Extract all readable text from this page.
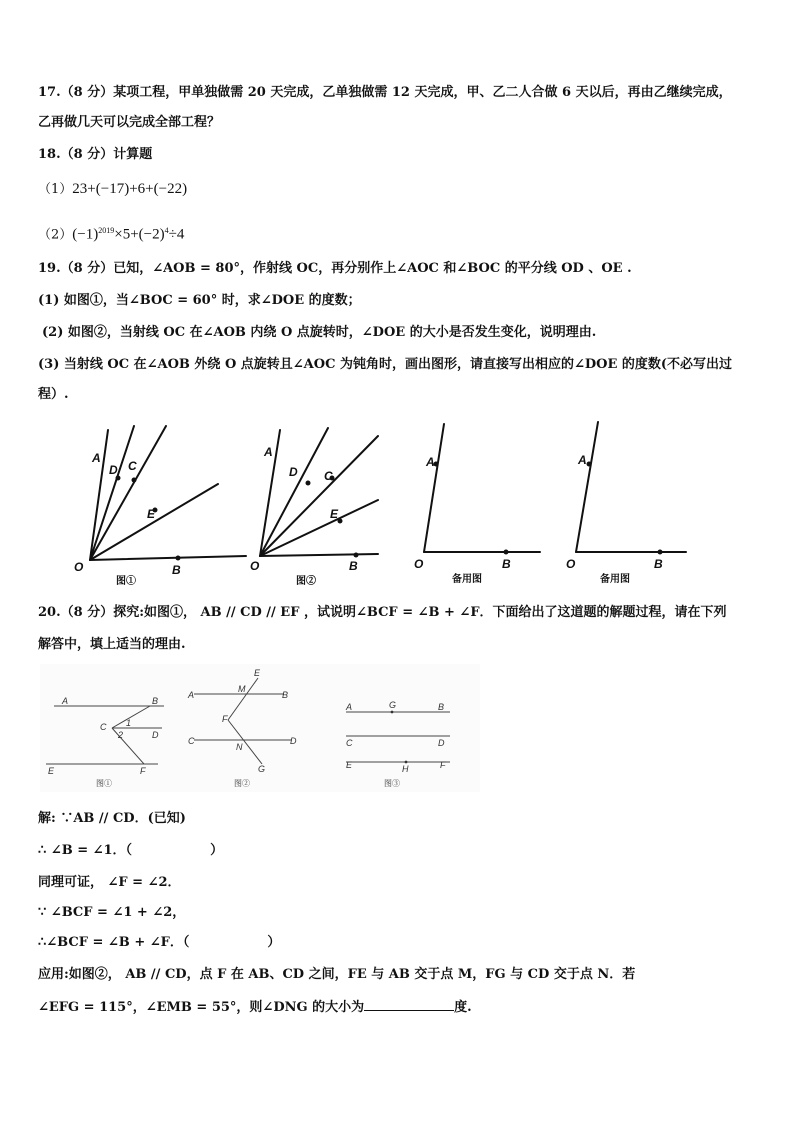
17.（8 分）某项工程，甲单独做需 20 天完成，乙单独做需 12 天完成，甲、乙二人合做 6 天以后，再由乙继续完成，
乙再做几天可以完成全部工程？
18.（8 分）计算题
（1）23+(−17)+6+(−22)
$(2)(-1)^{2019}\times 5+(-2)^4\div 4$
19.（8 分）已知，∠AOB = 80°，作射线 OC，再分别作上∠AOC 和∠BOC 的平分线 OD 、OE .
(1) 如图①，当∠BOC = 60° 时，求∠DOE 的度数；
(2) 如图②，当射线 OC 在∠AOB 内绕 O 点旋转时，∠DOE 的大小是否发生变化，说明理由.
(3) 当射线 OC 在∠AOB 外绕 O 点旋转且∠AOC 为钝角时，画出图形，请直接写出相应的∠DOE 的度数(不必写出过
程）.
A
D C
E
O	B
图①
A
D C
E
O	B
图②
A
O	B
备用图
A
O	B
备用图
20.（8 分）探究:如图①， AB // CD // EF ，试说明∠BCF = ∠B + ∠F．下面给出了这道题的解题过程，请在下列
解答中，填上适当的理由.
A	B
C 1
2	D
E	F
图①
E
A
M
B
F
C
N
D
G
图②
A	G	B
C	D
E	H	F
图③
解: ∵AB // CD．(已知)
∴ ∠B = ∠1．（	）
同理可证， ∠F = ∠2．
∵ ∠BCF = ∠1 + ∠2，
∴∠BCF = ∠B + ∠F．（	）
应用:如图②， AB // CD，点 F 在 AB、CD 之间，FE 与 AB 交于点 M，FG 与 CD 交于点 N．若
∠EFG = 115°，∠EMB = 55°，则∠DNG 的大小为	度.
